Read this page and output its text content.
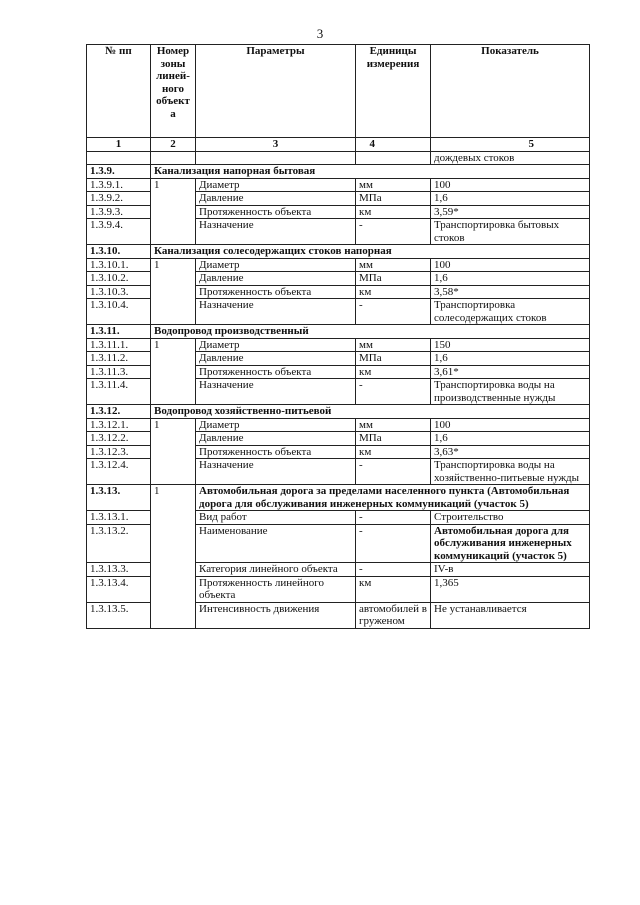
3
№ пп	Номер зоны линей-ного объект а	Параметры	Единицы измерения	Показатель
1	2	3	4	5
				дождевых стоков
1.3.9.	Канализация напорная бытовая			
1.3.9.1.	1	Диаметр	мм	100
1.3.9.2.		Давление	МПа	1,6
1.3.9.3.		Протяженность объекта	км	3,59*
1.3.9.4.		Назначение	-	Транспортировка бытовых стоков
1.3.10.	Канализация солесодержащих стоков напорная			
1.3.10.1.	1	Диаметр	мм	100
1.3.10.2.		Давление	МПа	1,6
1.3.10.3.		Протяженность объекта	км	3,58*
1.3.10.4.		Назначение	-	Транспортировка солесодержащих стоков
1.3.11.	Водопровод производственный			
1.3.11.1.	1	Диаметр	мм	150
1.3.11.2.		Давление	МПа	1,6
1.3.11.3.		Протяженность объекта	км	3,61*
1.3.11.4.		Назначение	-	Транспортировка воды на производственные нужды
1.3.12.	Водопровод хозяйственно-питьевой			
1.3.12.1.	1	Диаметр	мм	100
1.3.12.2.		Давление	МПа	1,6
1.3.12.3.		Протяженность объекта	км	3,63*
1.3.12.4.		Назначение	-	Транспортировка воды на хозяйственно-питьевые нужды
1.3.13.	1	Автомобильная дорога за пределами населенного пункта (Автомобильная дорога для обслуживания инженерных коммуникаций (участок 5)		
1.3.13.1.		Вид работ	-	Строительство
1.3.13.2.		Наименование	-	Автомобильная дорога для обслуживания инженерных коммуникаций (участок 5)
1.3.13.3.		Категория линейного объекта	-	IV-в
1.3.13.4.		Протяженность линейного объекта	км	1,365
1.3.13.5.		Интенсивность движения	автомобилей в груженом	Не устанавливается
